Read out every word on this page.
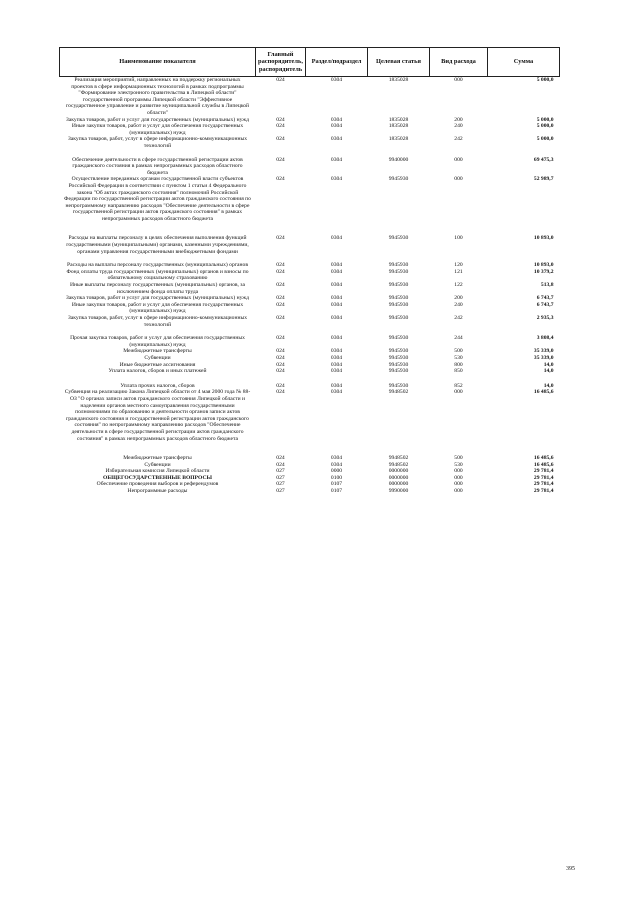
Наименование показателя	Главный распорядитель, распорядитель	Раздел/подраздел	Целевая статья	Вид расхода	Сумма
Реализация мероприятий, направленных на поддержку региональных проектов в сфере информационных технологий в рамках подпрограммы "Формирование электронного правительства в Липецкой области" государственной программы Липецкой области "Эффективное государственное управление и развитие муниципальной службы в Липецкой области"	024	0304	1835028	000	5 000,0
Закупка товаров, работ и услуг для государственных (муниципальных) нужд	024	0304	1835028	200	5 000,0
Иные закупки товаров, работ и услуг для обеспечения государственных (муниципальных) нужд	024	0304	1835028	240	5 000,0
Закупка товаров, работ, услуг в сфере информационно-коммуникационных технологий	024	0304	1835028	242	5 000,0
Обеспечение деятельности в сфере государственной регистрации актов гражданского состояния в рамках непрограммных расходов областного бюджета	024	0304	9940000	000	69 475,3
Осуществление переданных органам государственной власти субъектов Российской Федерации в соответствии с пунктом 1 статьи 4 Федерального закона "Об актах гражданского состояния" полномочий Российской Федерации по государственной регистрации актов гражданского состояния по непрограммному направлению расходов "Обеспечение деятельности в сфере государственной регистрации актов гражданского состояния" в рамках непрограммных расходов областного бюджета	024	0304	9945930	000	52 989,7
Расходы на выплаты персоналу в целях обеспечения выполнения функций государственными (муниципальными) органами, казенными учреждениями, органами управления государственными внебюджетными фондами	024	0304	9945930	100	10 893,0
Расходы на выплаты персоналу государственных (муниципальных) органов	024	0304	9945930	120	10 893,0
Фонд оплаты труда государственных (муниципальных) органов и взносы по обязательному социальному страхованию	024	0304	9945930	121	10 379,2
Иные выплаты персоналу государственных (муниципальных) органов, за исключением фонда оплаты труда	024	0304	9945930	122	513,8
Закупка товаров, работ и услуг для государственных (муниципальных) нужд	024	0304	9945930	200	6 743,7
Иные закупки товаров, работ и услуг для обеспечения государственных (муниципальных) нужд	024	0304	9945930	240	6 743,7
Закупка товаров, работ, услуг в сфере информационно-коммуникационных технологий	024	0304	9945930	242	2 935,3
Прочая закупка товаров, работ и услуг для обеспечения государственных (муниципальных) нужд	024	0304	9945930	244	3 808,4
Межбюджетные трансферты	024	0304	9945930	500	35 339,0
Субвенции	024	0304	9945930	530	35 339,0
Иные бюджетные ассигнования	024	0304	9945930	800	14,0
Уплата налогов, сборов и иных платежей	024	0304	9945930	850	14,0
Уплата прочих налогов, сборов	024	0304	9945930	852	14,0
Субвенция на реализацию Закона Липецкой области от 4 мая 2000 года № 88-ОЗ "О органах записи актов гражданского состояния Липецкой области и наделении органов местного самоуправления государственными полномочиями по образованию и деятельности органов записи актов гражданского состояния и государственной регистрации актов гражданского состояния" по непрограммному направлению расходов "Обеспечение деятельности в сфере государственной регистрации актов гражданского состояния" в рамках непрограммных расходов областного бюджета	024	0304	9948502	000	16 485,6
Межбюджетные трансферты	024	0304	9948502	500	16 485,6
Субвенции	024	0304	9948502	530	16 485,6
Избирательная комиссия Липецкой области	027	0000	0000000	000	29 781,4
ОБЩЕГОСУДАРСТВЕННЫЕ ВОПРОСЫ	027	0100	0000000	000	29 781,4
Обеспечение проведения выборов и референдумов	027	0107	0000000	000	29 781,4
Непрограммные расходы	027	0107	9990000	000	29 781,4
395
